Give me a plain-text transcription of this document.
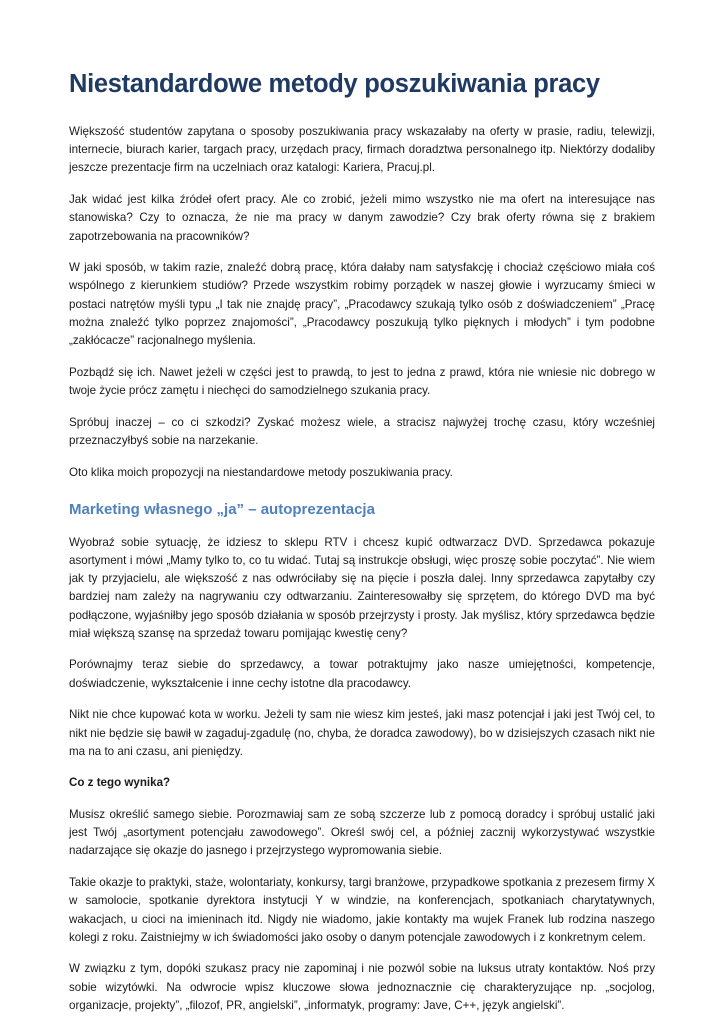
Niestandardowe metody poszukiwania pracy

Większość studentów zapytana o sposoby poszukiwania pracy wskazałaby na oferty w prasie, radiu, telewizji, internecie, biurach karier, targach pracy, urzędach pracy, firmach doradztwa personalnego itp. Niektórzy dodaliby jeszcze prezentacje firm na uczelniach oraz katalogi: Kariera, Pracuj.pl.

Jak widać jest kilka źródeł ofert pracy. Ale co zrobić, jeżeli mimo wszystko nie ma ofert na interesujące nas stanowiska? Czy to oznacza, że nie ma pracy w danym zawodzie? Czy brak oferty równa się z brakiem zapotrzebowania na pracowników?

W jaki sposób, w takim razie, znaleźć dobrą pracę, która dałaby nam satysfakcję i chociaż częściowo miała coś wspólnego z kierunkiem studiów? Przede wszystkim robimy porządek w naszej głowie i wyrzucamy śmieci w postaci natrętów myśli typu „I tak nie znajdę pracy”, „Pracodawcy szukają tylko osób z doświadczeniem” „Pracę można znaleźć tylko poprzez znajomości”, „Pracodawcy poszukują tylko pięknych i młodych” i tym podobne „zakłócacze” racjonalnego myślenia.

Pozbądź się ich. Nawet jeżeli w części jest to prawdą, to jest to jedna z prawd, która nie wniesie nic dobrego w twoje życie prócz zamętu i niechęci do samodzielnego szukania pracy.

Spróbuj inaczej – co ci szkodzi? Zyskać możesz wiele, a stracisz najwyżej trochę czasu, który wcześniej przeznaczyłbyś sobie na narzekanie.

Oto klika moich propozycji na niestandardowe metody poszukiwania pracy.

Marketing własnego „ja” – autoprezentacja

Wyobraź sobie sytuację, że idziesz to sklepu RTV i chcesz kupić odtwarzacz DVD. Sprzedawca pokazuje asortyment i mówi „Mamy tylko to, co tu widać. Tutaj są instrukcje obsługi, więc proszę sobie poczytać”. Nie wiem jak ty przyjacielu, ale większość z nas odwróciłaby się na pięcie i poszła dalej. Inny sprzedawca zapytałby czy bardziej nam zależy na nagrywaniu czy odtwarzaniu. Zainteresowałby się sprzętem, do którego DVD ma być podłączone, wyjaśniłby jego sposób działania w sposób przejrzysty i prosty. Jak myślisz, który sprzedawca będzie miał większą szansę na sprzedaż towaru pomijając kwestię ceny?

Porównajmy teraz siebie do sprzedawcy, a towar potraktujmy jako nasze umiejętności, kompetencje, doświadczenie, wykształcenie i inne cechy istotne dla pracodawcy.

Nikt nie chce kupować kota w worku. Jeżeli ty sam nie wiesz kim jesteś, jaki masz potencjał i jaki jest Twój cel, to nikt nie będzie się bawił w zagaduj-zgadulę (no, chyba, że doradca zawodowy), bo w dzisiejszych czasach nikt nie ma na to ani czasu, ani pieniędzy.

Co z tego wynika?

Musisz określić samego siebie. Porozmawiaj sam ze sobą szczerze lub z pomocą doradcy i spróbuj ustalić jaki jest Twój „asortyment potencjału zawodowego”. Określ swój cel, a później zacznij wykorzystywać wszystkie nadarzające się okazje do jasnego i przejrzystego wypromowania siebie.

Takie okazje to praktyki, staże, wolontariaty, konkursy, targi branżowe, przypadkowe spotkania z prezesem firmy X w samolocie, spotkanie dyrektora instytucji Y w windzie, na konferencjach, spotkaniach charytatywnych, wakacjach, u cioci na imieninach itd. Nigdy nie wiadomo, jakie kontakty ma wujek Franek lub rodzina naszego kolegi z roku. Zaistniejmy w ich świadomości jako osoby o danym potencjale zawodowych i z konkretnym celem.

W związku z tym, dopóki szukasz pracy nie zapominaj i nie pozwól sobie na luksus utraty kontaktów. Noś przy sobie wizytówki. Na odwrocie wpisz kluczowe słowa jednoznacznie cię charakteryzujące np. „socjolog, organizacje, projekty”, „filozof, PR, angielski”, „informatyk, programy: Jave, C++, język angielski”.
